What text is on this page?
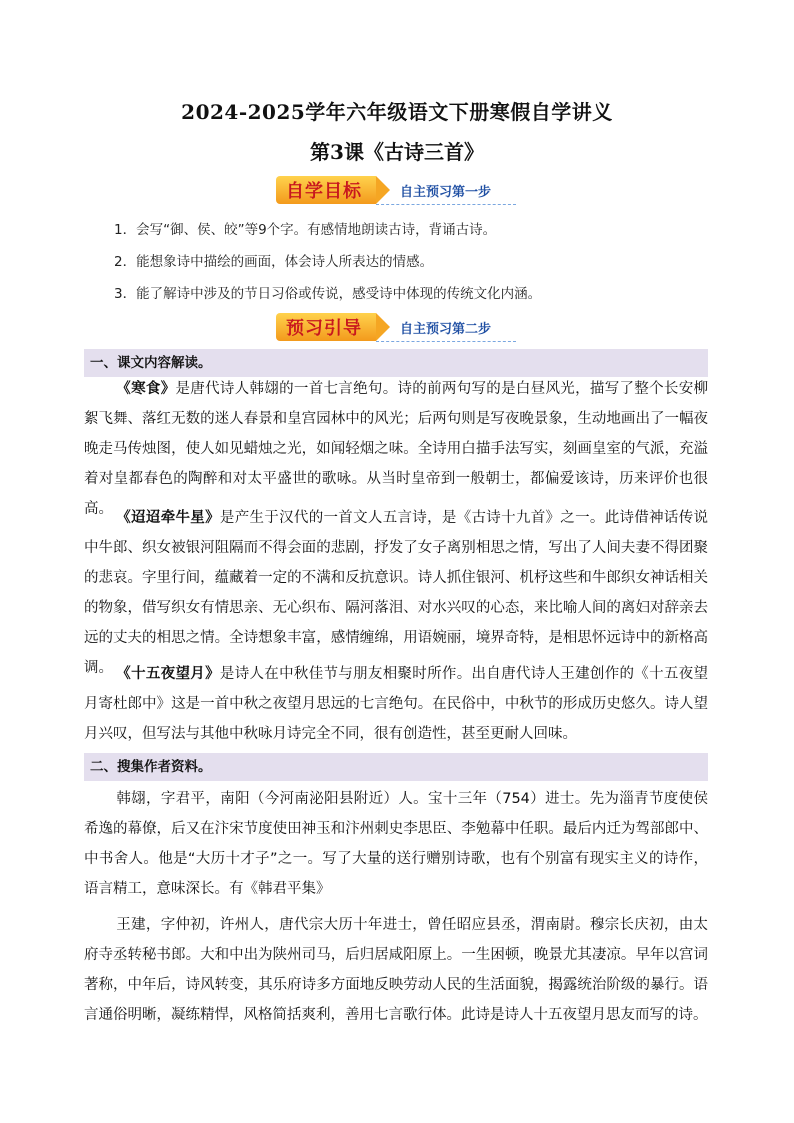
2024-2025学年六年级语文下册寒假自学讲义
第3课《古诗三首》
自学目标	自主预习第一步
1．会写“御、侯、皎”等9个字。有感情地朗读古诗，背诵古诗。
2．能想象诗中描绘的画面，体会诗人所表达的情感。
3．能了解诗中涉及的节日习俗或传说，感受诗中体现的传统文化内涵。
预习引导	自主预习第二步
一、课文内容解读。
《寒食》是唐代诗人韩翃的一首七言绝句。诗的前两句写的是白昼风光，描写了整个长安柳絮飞舞、落红无数的迷人春景和皇宫园林中的风光；后两句则是写夜晚景象，生动地画出了一幅夜晚走马传烛图，使人如见蜡烛之光，如闻轻烟之味。全诗用白描手法写实，刻画皇室的气派，充溢着对皇都春色的陶醉和对太平盛世的歌咏。从当时皇帝到一般朝士，都偏爱该诗，历来评价也很高。
《迢迢牵牛星》是产生于汉代的一首文人五言诗，是《古诗十九首》之一。此诗借神话传说中牛郎、织女被银河阻隔而不得会面的悲剧，抒发了女子离别相思之情，写出了人间夫妻不得团聚的悲哀。字里行间，蕴藏着一定的不满和反抗意识。诗人抓住银河、机杼这些和牛郎织女神话相关的物象，借写织女有情思亲、无心织布、隔河落泪、对水兴叹的心态，来比喻人间的离妇对辞亲去远的丈夫的相思之情。全诗想象丰富，感情缠绵，用语婉丽，境界奇特，是相思怀远诗中的新格高调。 《十五夜望月》是诗人在中秋佳节与朋友相聚时所作。出自唐代诗人王建创作的《十五夜望月寄杜郎中》这是一首中秋之夜望月思远的七言绝句。在民俗中，中秋节的形成历史悠久。诗人望月兴叹，但写法与其他中秋咏月诗完全不同，很有创造性，甚至更耐人回味。
二、搜集作者资料。
韩翃，字君平，南阳（今河南泌阳县附近）人。宝十三年（754）进士。先为淄青节度使侯希逸的幕僚，后又在汴宋节度使田神玉和汴州刺史李思臣、李勉幕中任职。最后内迁为驾部郎中、中书舍人。他是“大历十才子”之一。写了大量的送行赠别诗歌，也有个别富有现实主义的诗作，语言精工，意味深长。有《韩君平集》
王建，字仲初，许州人，唐代宗大历十年进士，曾任昭应县丞，渭南尉。穆宗长庆初，由太府寺丞转秘书郎。大和中出为陕州司马，后归居咸阳原上。一生困顿，晚景尤其凄凉。早年以宫词著称，中年后，诗风转变，其乐府诗多方面地反映劳动人民的生活面貌，揭露统治阶级的暴行。语言通俗明晰，凝练精悍，风格简括爽利，善用七言歌行体。此诗是诗人十五夜望月思友而写的诗。
